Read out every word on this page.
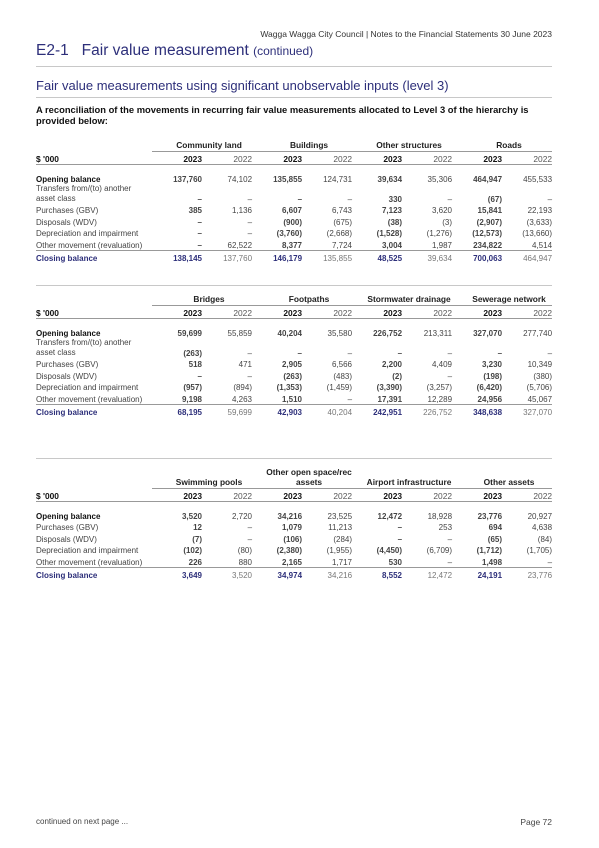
Wagga Wagga City Council | Notes to the Financial Statements 30 June 2023
E2-1 Fair value measurement (continued)
Fair value measurements using significant unobservable inputs (level 3)
A reconciliation of the movements in recurring fair value measurements allocated to Level 3 of the hierarchy is provided below:
	Community land		Buildings		Other structures		Roads	
$ '000	2023	2022	2023	2022	2023	2022	2023	2022

Opening balance	137,760	74,102	135,855	124,731	39,634	35,306	464,947	455,533
Transfers from/(to) another asset class	–	–	–	–	330	–	(67)	–
Purchases (GBV)	385	1,136	6,607	6,743	7,123	3,620	15,841	22,193
Disposals (WDV)	–	–	(900)	(675)	(38)	(3)	(2,907)	(3,633)
Depreciation and impairment	–	–	(3,760)	(2,668)	(1,528)	(1,276)	(12,573)	(13,660)
Other movement (revaluation)	–	62,522	8,377	7,724	3,004	1,987	234,822	4,514
Closing balance	138,145	137,760	146,179	135,855	48,525	39,634	700,063	464,947
	Bridges		Footpaths		Stormwater drainage		Sewerage network	
$ '000	2023	2022	2023	2022	2023	2022	2023	2022

Opening balance	59,699	55,859	40,204	35,580	226,752	213,311	327,070	277,740
Transfers from/(to) another asset class	(263)	–	–	–	–	–	–	–
Purchases (GBV)	518	471	2,905	6,566	2,200	4,409	3,230	10,349
Disposals (WDV)	–	–	(263)	(483)	(2)	–	(198)	(380)
Depreciation and impairment	(957)	(894)	(1,353)	(1,459)	(3,390)	(3,257)	(6,420)	(5,706)
Other movement (revaluation)	9,198	4,263	1,510	–	17,391	12,289	24,956	45,067
Closing balance	68,195	59,699	42,903	40,204	242,951	226,752	348,638	327,070
	Swimming pools		Other open space/rec assets		Airport infrastructure		Other assets	
$ '000	2023	2022	2023	2022	2023	2022	2023	2022

Opening balance	3,520	2,720	34,216	23,525	12,472	18,928	23,776	20,927
Purchases (GBV)	12	–	1,079	11,213	–	253	694	4,638
Disposals (WDV)	(7)	–	(106)	(284)	–	–	(65)	(84)
Depreciation and impairment	(102)	(80)	(2,380)	(1,955)	(4,450)	(6,709)	(1,712)	(1,705)
Other movement (revaluation)	226	880	2,165	1,717	530	–	1,498	–
Closing balance	3,649	3,520	34,974	34,216	8,552	12,472	24,191	23,776
continued on next page ...	Page 72
